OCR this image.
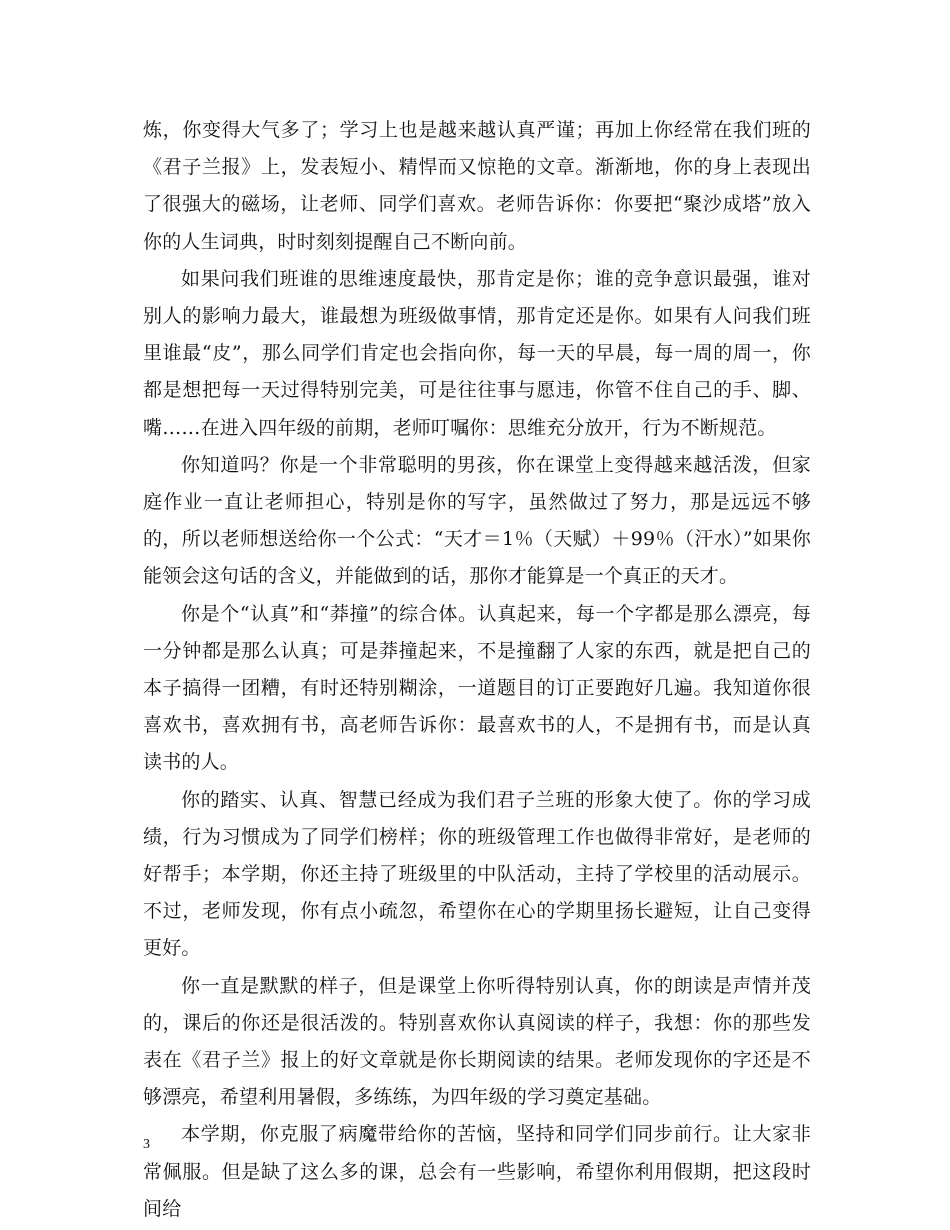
炼，你变得大气多了；学习上也是越来越认真严谨；再加上你经常在我们班的《君子兰报》上，发表短小、精悍而又惊艳的文章。渐渐地，你的身上表现出了很强大的磁场，让老师、同学们喜欢。老师告诉你：你要把“聚沙成塔”放入你的人生词典，时时刻刻提醒自己不断向前。

如果问我们班谁的思维速度最快，那肯定是你；谁的竞争意识最强，谁对别人的影响力最大，谁最想为班级做事情，那肯定还是你。如果有人问我们班里谁最“皮”，那么同学们肯定也会指向你，每一天的早晨，每一周的周一，你都是想把每一天过得特别完美，可是往往事与愿违，你管不住自己的手、脚、嘴……在进入四年级的前期，老师叮嘱你：思维充分放开，行为不断规范。

你知道吗？你是一个非常聪明的男孩，你在课堂上变得越来越活泼，但家庭作业一直让老师担心，特别是你的写字，虽然做过了努力，那是远远不够的，所以老师想送给你一个公式：“天才＝1％（天赋）＋99％（汗水）”如果你能领会这句话的含义，并能做到的话，那你才能算是一个真正的天才。

你是个“认真”和“莽撞”的综合体。认真起来，每一个字都是那么漂亮，每一分钟都是那么认真；可是莽撞起来，不是撞翻了人家的东西，就是把自己的本子搞得一团糟，有时还特别糊涂，一道题目的订正要跑好几遍。我知道你很喜欢书，喜欢拥有书，高老师告诉你：最喜欢书的人，不是拥有书，而是认真读书的人。

你的踏实、认真、智慧已经成为我们君子兰班的形象大使了。你的学习成绩，行为习惯成为了同学们榜样；你的班级管理工作也做得非常好，是老师的好帮手；本学期，你还主持了班级里的中队活动，主持了学校里的活动展示。不过，老师发现，你有点小疏忽，希望你在心的学期里扬长避短，让自己变得更好。

你一直是默默的样子，但是课堂上你听得特别认真，你的朗读是声情并茂的，课后的你还是很活泼的。特别喜欢你认真阅读的样子，我想：你的那些发表在《君子兰》报上的好文章就是你长期阅读的结果。老师发现你的字还是不够漂亮，希望利用暑假，多练练，为四年级的学习奠定基础。

本学期，你克服了病魔带给你的苦恼，坚持和同学们同步前行。让大家非常佩服。但是缺了这么多的课，总会有一些影响，希望你利用假期，把这段时间给

3
